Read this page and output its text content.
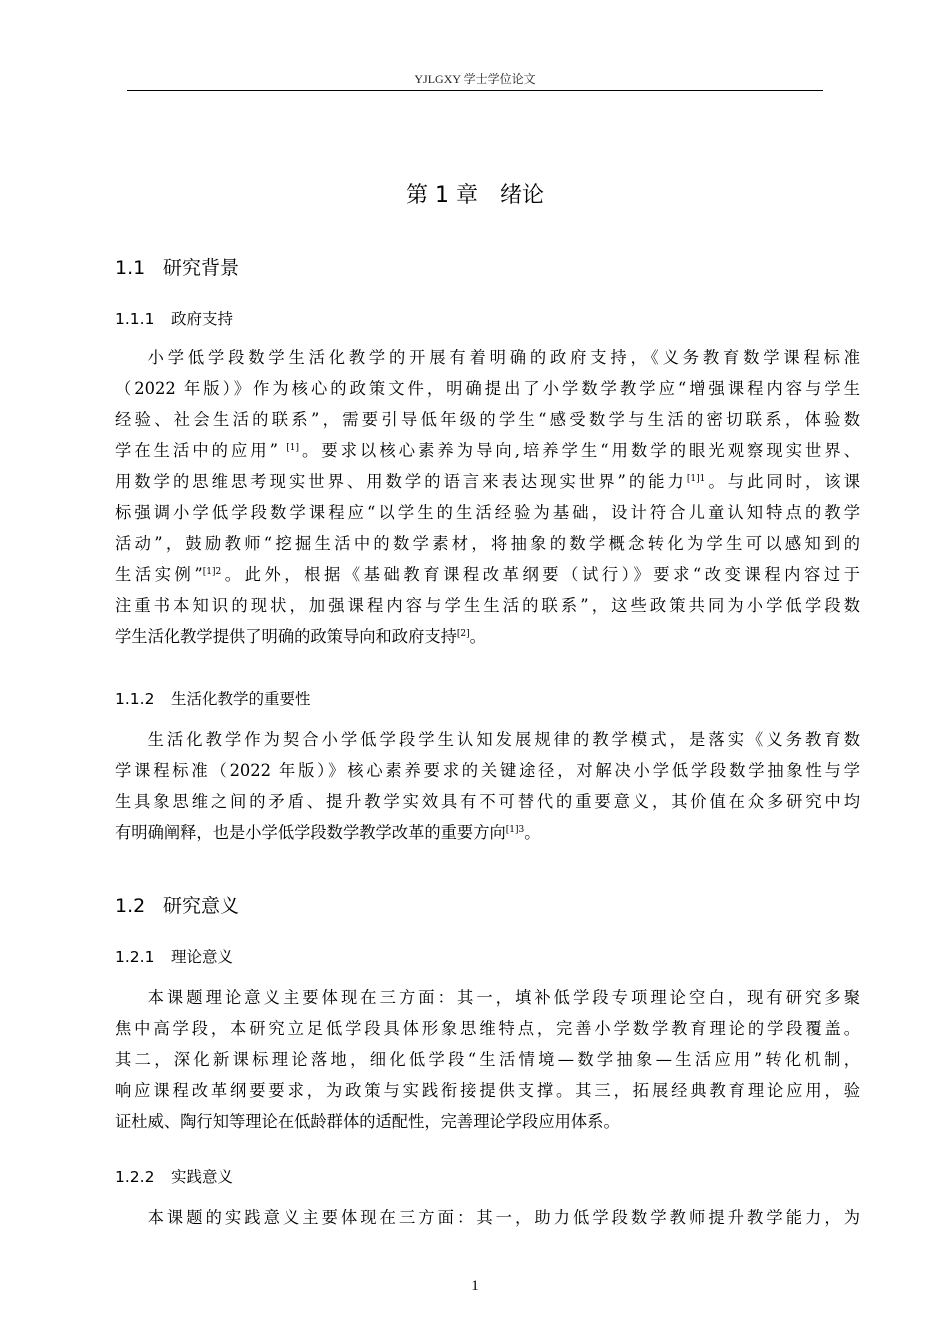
YJLGXY 学士学位论文
第 1 章 绪论
1.1 研究背景
1.1.1 政府支持
小学低学段数学生活化教学的开展有着明确的政府支持，《义务教育数学课程标准
（2022 年版）》作为核心的政策文件，明确提出了小学数学教学应“增强课程内容与学生
经验、社会生活的联系”，需要引导低年级的学生“感受数学与生活的密切联系，体验数
学在生活中的应用” [1]。要求以核心素养为导向,培养学生“用数学的眼光观察现实世界、
用数学的思维思考现实世界、用数学的语言来表达现实世界”的能力$^{[1]1}$。与此同时，该课
标强调小学低学段数学课程应“以学生的生活经验为基础，设计符合儿童认知特点的教学
活动”，鼓励教师“挖掘生活中的数学素材，将抽象的数学概念转化为学生可以感知到的
生活实例”$^{[1]2}$。此外，根据《基础教育课程改革纲要（试行）》要求“改变课程内容过于
注重书本知识的现状，加强课程内容与学生生活的联系”，这些政策共同为小学低学段数
学生活化教学提供了明确的政策导向和政府支持[2]。
1.1.2 生活化教学的重要性
生活化教学作为契合小学低学段学生认知发展规律的教学模式，是落实《义务教育数
学课程标准（2022 年版）》核心素养要求的关键途径，对解决小学低学段数学抽象性与学
生具象思维之间的矛盾、提升教学实效具有不可替代的重要意义，其价值在众多研究中均
有明确阐释，也是小学低学段数学教学改革的重要方向$^{[1]3}$。
1.2 研究意义
1.2.1 理论意义
本课题理论意义主要体现在三方面：其一，填补低学段专项理论空白，现有研究多聚
焦中高学段，本研究立足低学段具体形象思维特点，完善小学数学教育理论的学段覆盖。
其二，深化新课标理论落地，细化低学段“生活情境—数学抽象—生活应用”转化机制，
响应课程改革纲要要求，为政策与实践衔接提供支撑。其三，拓展经典教育理论应用，验
证杜威、陶行知等理论在低龄群体的适配性，完善理论学段应用体系。
1.2.2 实践意义
本课题的实践意义主要体现在三方面：其一，助力低学段数学教师提升教学能力，为
1
